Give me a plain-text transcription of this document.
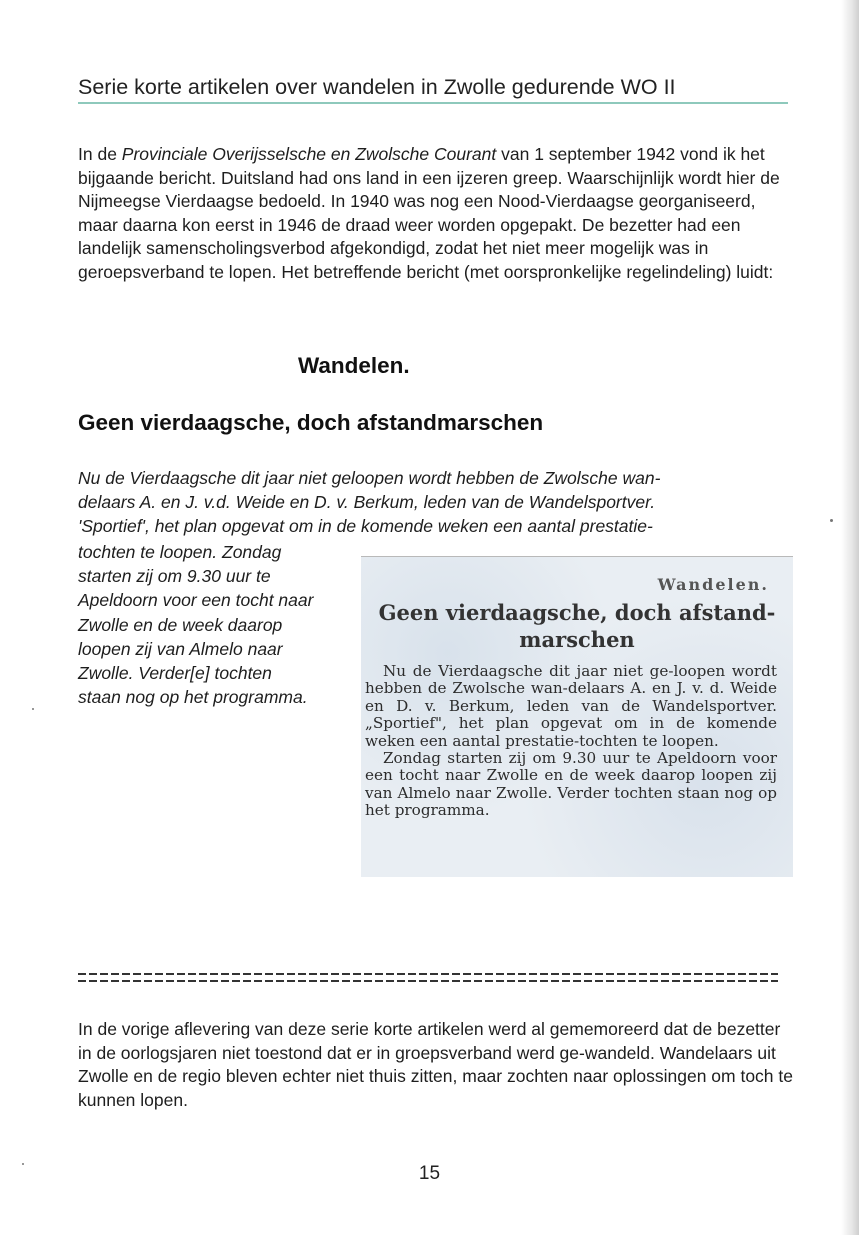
Serie korte artikelen over wandelen in Zwolle gedurende WO II

In de Provinciale Overijsselsche en Zwolsche Courant van 1 september 1942 vond ik het bijgaande bericht. Duitsland had ons land in een ijzeren greep. Waarschijnlijk wordt hier de Nijmeegse Vierdaagse bedoeld. In 1940 was nog een Nood-Vierdaagse georganiseerd, maar daarna kon eerst in 1946 de draad weer worden opgepakt. De bezetter had een landelijk samenscholingsverbod afgekondigd, zodat het niet meer mogelijk was in geroepsverband te lopen. Het betreffende bericht (met oorspronkelijke regelindeling) luidt:

Wandelen.
Geen vierdaagsche, doch afstandmarschen

Nu de Vierdaagsche dit jaar niet geloopen wordt hebben de Zwolsche wan-
delaars A. en J. v.d. Weide en D. v. Berkum, leden van de Wandelsportver.
'Sportief', het plan opgevat om in de komende weken een aantal prestatie-

tochten te loopen. Zondag
starten zij om 9.30 uur te
Apeldoorn voor een tocht naar
Zwolle en de week daarop
loopen zij van Almelo naar
Zwolle. Verder[e] tochten
staan nog op het programma.

Wandelen.

Geen vierdaagsche, doch afstand-
marschen

Nu de Vierdaagsche dit jaar niet ge-loopen wordt hebben de Zwolsche wan-delaars A. en J. v. d. Weide en D. v. Berkum, leden van de Wandelsportver. „Sportief", het plan opgevat om in de komende weken een aantal prestatie-tochten te loopen.
Zondag starten zij om 9.30 uur te Apeldoorn voor een tocht naar Zwolle en de week daarop loopen zij van Almelo naar Zwolle. Verder tochten staan nog op het programma.

In de vorige aflevering van deze serie korte artikelen werd al gememoreerd dat de bezetter in de oorlogsjaren niet toestond dat er in groepsverband werd ge-wandeld. Wandelaars uit Zwolle en de regio bleven echter niet thuis zitten, maar zochten naar oplossingen om toch te kunnen lopen.

15
